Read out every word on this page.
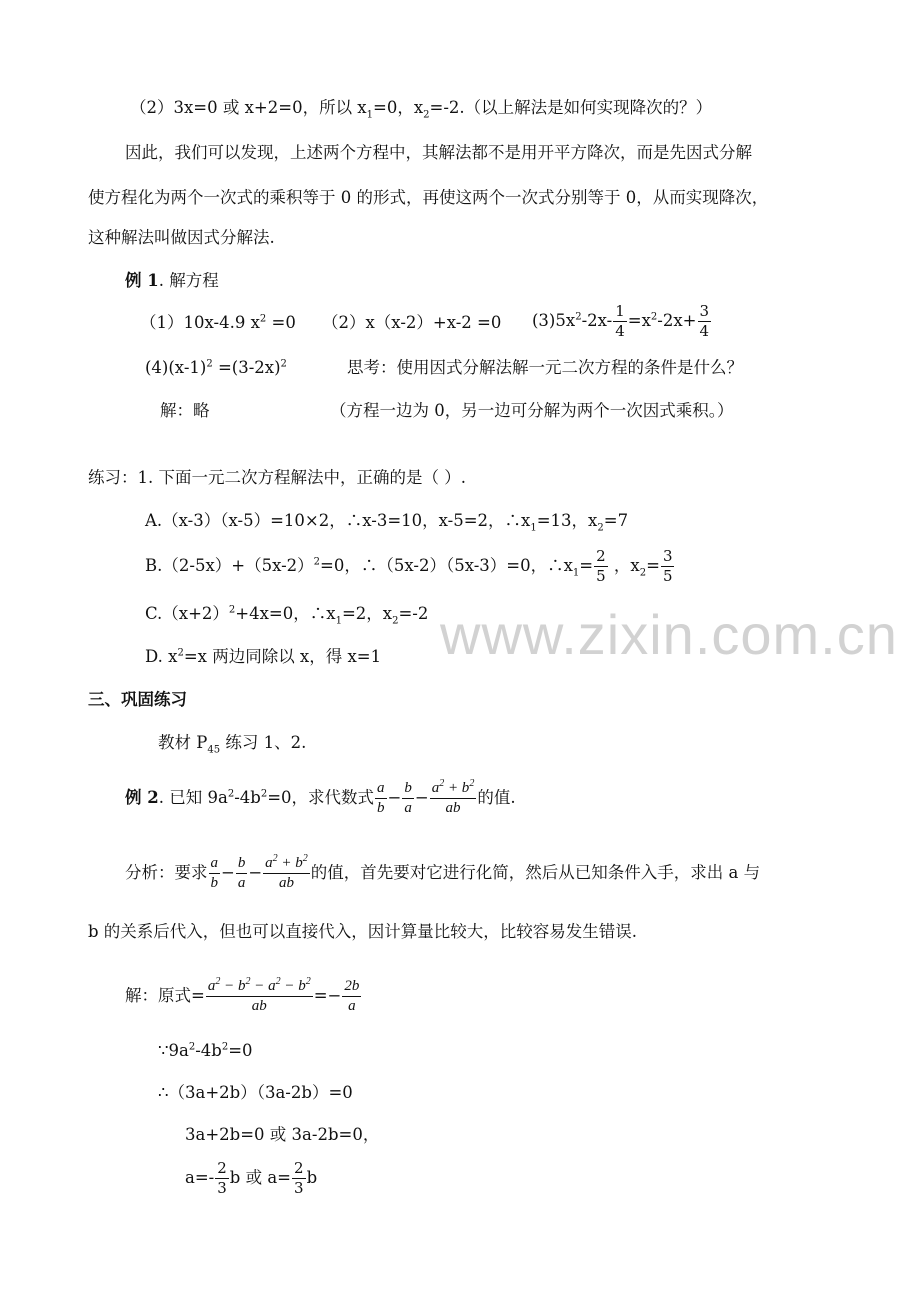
www.zixin.com.cn
（2）3x=0 或 x+2=0，所以 $x_1=0$，$x_2=-2$.（以上解法是如何实现降次的？）
因此，我们可以发现，上述两个方程中，其解法都不是用开平方降次，而是先因式分解
使方程化为两个一次式的乘积等于 0 的形式，再使这两个一次式分别等于 0，从而实现降次，
这种解法叫做因式分解法.
例 1. 解方程
（1）10x-4.9 $x^2 =0$ （2）x（x-2）+x-2 =0 $(3)5x^2-2x- \frac{1}{4} =x^2-2x+ \frac{3}{4}$
$(4)(x-1)^2 =(3-2x)^2$	思考：使用因式分解法解一元二次方程的条件是什么？
解：略	（方程一边为 0，另一边可分解为两个一次因式乘积。）
练习：1. 下面一元二次方程解法中，正确的是（ ）.
A.（x-3）（x-5）=10×2，∴x-3=10，x-5=2，$\therefore x_1=13$，$x_2=7$
$B.(2-5x)+(5x-2)^2=0$，∴（5x-2）（5x-3）=0，$\therefore x_1= \frac{2}{5}$ ，$x_2= \frac{3}{5}$
$C.(x+2)^2+4x=0$，$\therefore x_1=2$，$x_2=-2$
D. $x^2=x$ 两边同除以 x，得 x=1
三、巩固练习
教材 $P_{45}$ 练习 1、2.
例 2. 已知 $9a^2-4b^2=0$，求代数式 $\frac{a}{b} - \frac{b}{a} - \frac{a^2 + b^2}{ab}$ 的值.
分析：要求 $\frac{a}{b} - \frac{b}{a} - \frac{a^2 + b^2}{ab}$ 的值，首先要对它进行化简，然后从已知条件入手，求出 a 与
b 的关系后代入，但也可以直接代入，因计算量比较大，比较容易发生错误.
解：原式= $\frac{a^2 - b^2 - a^2 - b^2}{ab} =- \frac{2b}{a}$
$\because 9a^2-4b^2=0$
∴（3a+2b）（3a-2b）=0
3a+2b=0 或 3a-2b=0，
$a=- \frac{2}{3}$ b 或 $a= \frac{2}{3}$ b
